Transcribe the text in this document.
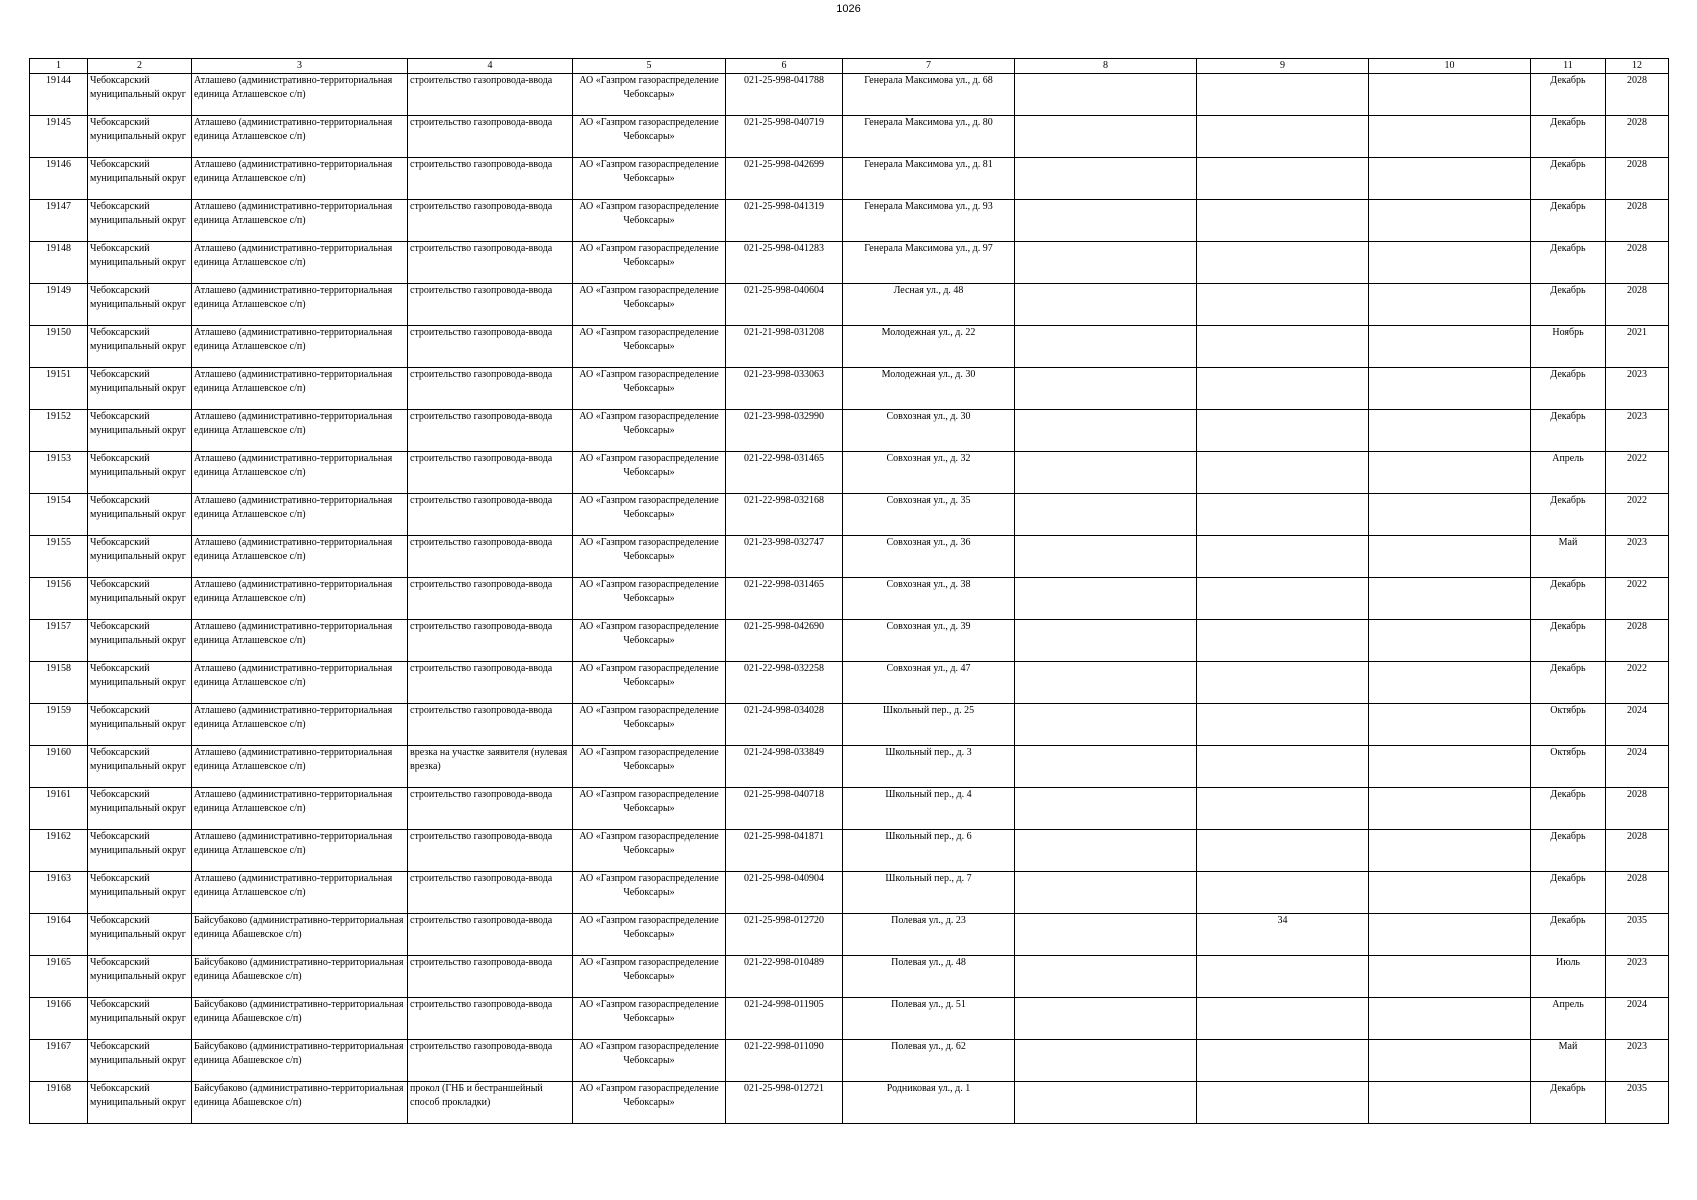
1026
1	2	3	4	5	6	7	8	9	10	11	12

19144	Чебоксарский муниципальный округ	Атлашево (административно-территориальная единица Атлашевское с/п)	строительство газопровода-ввода	АО «Газпром газораспределение Чебоксары»	021-25-998-041788	Генерала Максимова ул., д. 68				Декабрь	2028

19145	Чебоксарский муниципальный округ	Атлашево (административно-территориальная единица Атлашевское с/п)	строительство газопровода-ввода	АО «Газпром газораспределение Чебоксары»	021-25-998-040719	Генерала Максимова ул., д. 80				Декабрь	2028

19146	Чебоксарский муниципальный округ	Атлашево (административно-территориальная единица Атлашевское с/п)	строительство газопровода-ввода	АО «Газпром газораспределение Чебоксары»	021-25-998-042699	Генерала Максимова ул., д. 81				Декабрь	2028

19147	Чебоксарский муниципальный округ	Атлашево (административно-территориальная единица Атлашевское с/п)	строительство газопровода-ввода	АО «Газпром газораспределение Чебоксары»	021-25-998-041319	Генерала Максимова ул., д. 93				Декабрь	2028

19148	Чебоксарский муниципальный округ	Атлашево (административно-территориальная единица Атлашевское с/п)	строительство газопровода-ввода	АО «Газпром газораспределение Чебоксары»	021-25-998-041283	Генерала Максимова ул., д. 97				Декабрь	2028

19149	Чебоксарский муниципальный округ	Атлашево (административно-территориальная единица Атлашевское с/п)	строительство газопровода-ввода	АО «Газпром газораспределение Чебоксары»	021-25-998-040604	Лесная ул., д. 48				Декабрь	2028

19150	Чебоксарский муниципальный округ	Атлашево (административно-территориальная единица Атлашевское с/п)	строительство газопровода-ввода	АО «Газпром газораспределение Чебоксары»	021-21-998-031208	Молодежная ул., д. 22				Ноябрь	2021

19151	Чебоксарский муниципальный округ	Атлашево (административно-территориальная единица Атлашевское с/п)	строительство газопровода-ввода	АО «Газпром газораспределение Чебоксары»	021-23-998-033063	Молодежная ул., д. 30				Декабрь	2023

19152	Чебоксарский муниципальный округ	Атлашево (административно-территориальная единица Атлашевское с/п)	строительство газопровода-ввода	АО «Газпром газораспределение Чебоксары»	021-23-998-032990	Совхозная ул., д. 30				Декабрь	2023

19153	Чебоксарский муниципальный округ	Атлашево (административно-территориальная единица Атлашевское с/п)	строительство газопровода-ввода	АО «Газпром газораспределение Чебоксары»	021-22-998-031465	Совхозная ул., д. 32				Апрель	2022

19154	Чебоксарский муниципальный округ	Атлашево (административно-территориальная единица Атлашевское с/п)	строительство газопровода-ввода	АО «Газпром газораспределение Чебоксары»	021-22-998-032168	Совхозная ул., д. 35				Декабрь	2022

19155	Чебоксарский муниципальный округ	Атлашево (административно-территориальная единица Атлашевское с/п)	строительство газопровода-ввода	АО «Газпром газораспределение Чебоксары»	021-23-998-032747	Совхозная ул., д. 36				Май	2023

19156	Чебоксарский муниципальный округ	Атлашево (административно-территориальная единица Атлашевское с/п)	строительство газопровода-ввода	АО «Газпром газораспределение Чебоксары»	021-22-998-031465	Совхозная ул., д. 38				Декабрь	2022

19157	Чебоксарский муниципальный округ	Атлашево (административно-территориальная единица Атлашевское с/п)	строительство газопровода-ввода	АО «Газпром газораспределение Чебоксары»	021-25-998-042690	Совхозная ул., д. 39				Декабрь	2028

19158	Чебоксарский муниципальный округ	Атлашево (административно-территориальная единица Атлашевское с/п)	строительство газопровода-ввода	АО «Газпром газораспределение Чебоксары»	021-22-998-032258	Совхозная ул., д. 47				Декабрь	2022

19159	Чебоксарский муниципальный округ	Атлашево (административно-территориальная единица Атлашевское с/п)	строительство газопровода-ввода	АО «Газпром газораспределение Чебоксары»	021-24-998-034028	Школьный пер., д. 25				Октябрь	2024

19160	Чебоксарский муниципальный округ	Атлашево (административно-территориальная единица Атлашевское с/п)	врезка на участке заявителя (нулевая врезка)	АО «Газпром газораспределение Чебоксары»	021-24-998-033849	Школьный пер., д. 3				Октябрь	2024

19161	Чебоксарский муниципальный округ	Атлашево (административно-территориальная единица Атлашевское с/п)	строительство газопровода-ввода	АО «Газпром газораспределение Чебоксары»	021-25-998-040718	Школьный пер., д. 4				Декабрь	2028

19162	Чебоксарский муниципальный округ	Атлашево (административно-территориальная единица Атлашевское с/п)	строительство газопровода-ввода	АО «Газпром газораспределение Чебоксары»	021-25-998-041871	Школьный пер., д. 6				Декабрь	2028

19163	Чебоксарский муниципальный округ	Атлашево (административно-территориальная единица Атлашевское с/п)	строительство газопровода-ввода	АО «Газпром газораспределение Чебоксары»	021-25-998-040904	Школьный пер., д. 7				Декабрь	2028

19164	Чебоксарский муниципальный округ	Байсубаково (административно-территориальная единица Абашевское с/п)	строительство газопровода-ввода	АО «Газпром газораспределение Чебоксары»	021-25-998-012720	Полевая ул., д. 23		34		Декабрь	2035

19165	Чебоксарский муниципальный округ	Байсубаково (административно-территориальная единица Абашевское с/п)	строительство газопровода-ввода	АО «Газпром газораспределение Чебоксары»	021-22-998-010489	Полевая ул., д. 48				Июль	2023

19166	Чебоксарский муниципальный округ	Байсубаково (административно-территориальная единица Абашевское с/п)	строительство газопровода-ввода	АО «Газпром газораспределение Чебоксары»	021-24-998-011905	Полевая ул., д. 51				Апрель	2024

19167	Чебоксарский муниципальный округ	Байсубаково (административно-территориальная единица Абашевское с/п)	строительство газопровода-ввода	АО «Газпром газораспределение Чебоксары»	021-22-998-011090	Полевая ул., д. 62				Май	2023

19168	Чебоксарский муниципальный округ	Байсубаково (административно-территориальная единица Абашевское с/п)	прокол (ГНБ и бестраншейный способ прокладки)	АО «Газпром газораспределение Чебоксары»	021-25-998-012721	Родниковая ул., д. 1				Декабрь	2035
